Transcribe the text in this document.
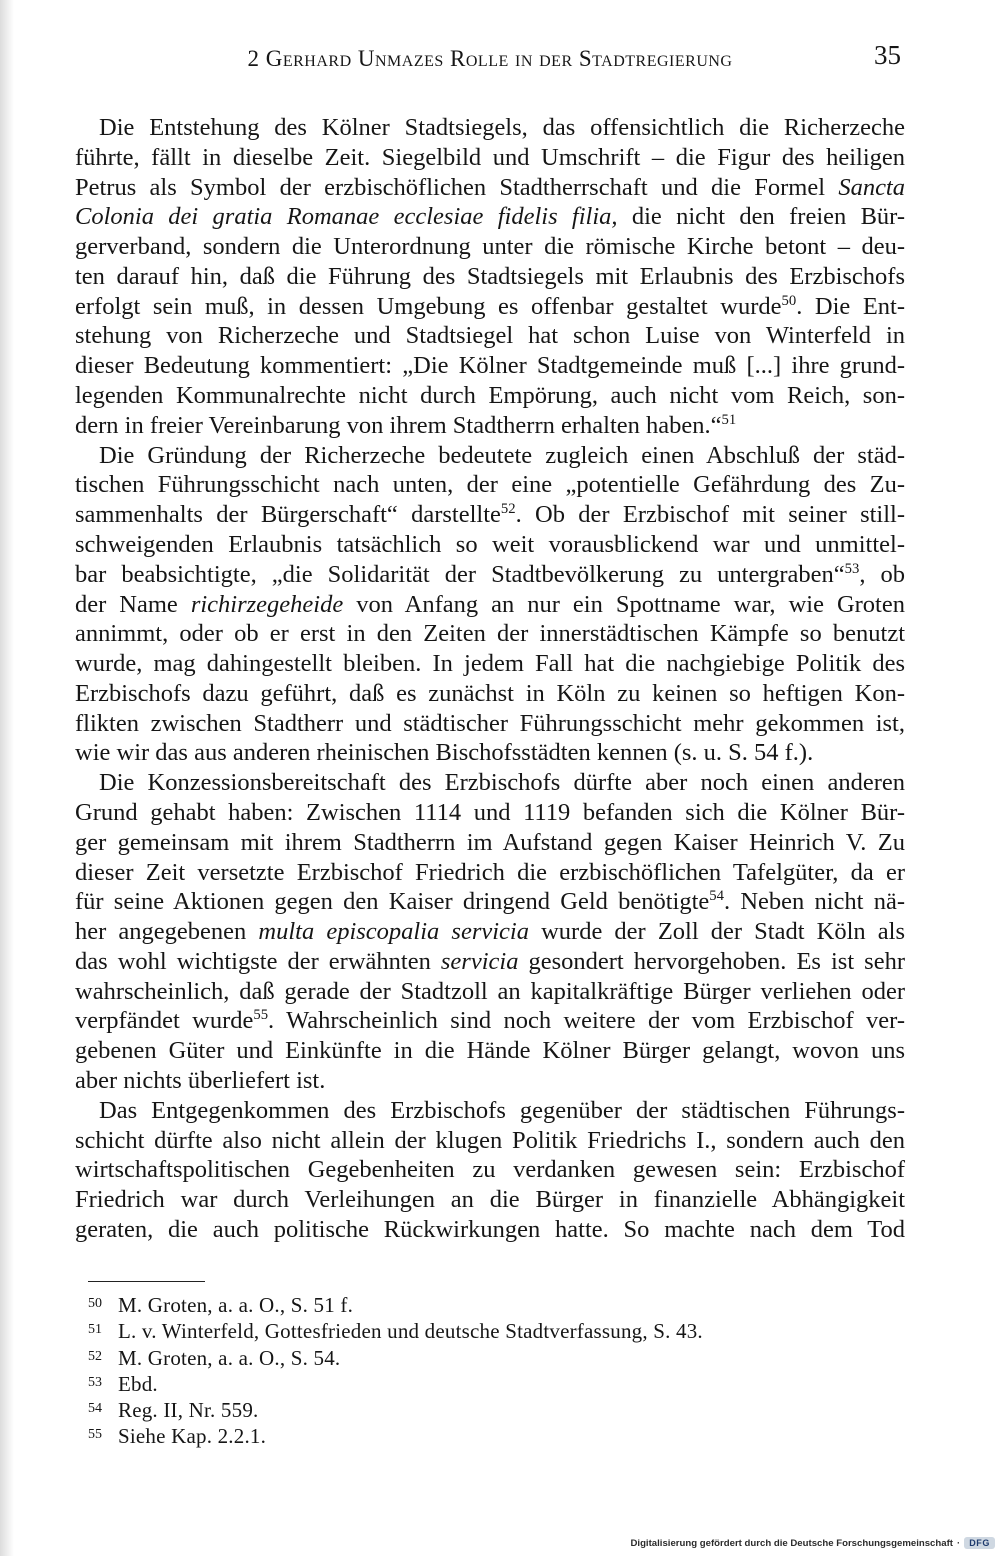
2 Gerhard Unmazes Rolle in der Stadtregierung	35
Die Entstehung des Kölner Stadtsiegels, das offensichtlich die Richerzeche
führte, fällt in dieselbe Zeit. Siegelbild und Umschrift – die Figur des heiligen
Petrus als Symbol der erzbischöflichen Stadtherrschaft und die Formel Sancta
Colonia dei gratia Romanae ecclesiae fidelis filia, die nicht den freien Bür-
gerverband, sondern die Unterordnung unter die römische Kirche betont – deu-
ten darauf hin, daß die Führung des Stadtsiegels mit Erlaubnis des Erzbischofs
erfolgt sein muß, in dessen Umgebung es offenbar gestaltet wurde$^{50}$. Die Ent-
stehung von Richerzeche und Stadtsiegel hat schon Luise von Winterfeld in
dieser Bedeutung kommentiert: „Die Kölner Stadtgemeinde muß [...] ihre grund-
legenden Kommunalrechte nicht durch Empörung, auch nicht vom Reich, son-
dern in freier Vereinbarung von ihrem Stadtherrn erhalten haben.“$^{51}$
Die Gründung der Richerzeche bedeutete zugleich einen Abschluß der städ-
tischen Führungsschicht nach unten, der eine „potentielle Gefährdung des Zu-
sammenhalts der Bürgerschaft“ darstellte$^{52}$. Ob der Erzbischof mit seiner still-
schweigenden Erlaubnis tatsächlich so weit vorausblickend war und unmittel-
bar beabsichtigte, „die Solidarität der Stadtbevölkerung zu untergraben“$^{53}$, ob
der Name richirzegeheide von Anfang an nur ein Spottname war, wie Groten
annimmt, oder ob er erst in den Zeiten der innerstädtischen Kämpfe so benutzt
wurde, mag dahingestellt bleiben. In jedem Fall hat die nachgiebige Politik des
Erzbischofs dazu geführt, daß es zunächst in Köln zu keinen so heftigen Kon-
flikten zwischen Stadtherr und städtischer Führungsschicht mehr gekommen ist,
wie wir das aus anderen rheinischen Bischofsstädten kennen (s. u. S. 54 f.).
Die Konzessionsbereitschaft des Erzbischofs dürfte aber noch einen anderen
Grund gehabt haben: Zwischen 1114 und 1119 befanden sich die Kölner Bür-
ger gemeinsam mit ihrem Stadtherrn im Aufstand gegen Kaiser Heinrich V. Zu
dieser Zeit versetzte Erzbischof Friedrich die erzbischöflichen Tafelgüter, da er
für seine Aktionen gegen den Kaiser dringend Geld benötigte$^{54}$. Neben nicht nä-
her angegebenen multa episcopalia servicia wurde der Zoll der Stadt Köln als
das wohl wichtigste der erwähnten servicia gesondert hervorgehoben. Es ist sehr
wahrscheinlich, daß gerade der Stadtzoll an kapitalkräftige Bürger verliehen oder
verpfändet wurde$^{55}$. Wahrscheinlich sind noch weitere der vom Erzbischof ver-
gebenen Güter und Einkünfte in die Hände Kölner Bürger gelangt, wovon uns
aber nichts überliefert ist.
Das Entgegenkommen des Erzbischofs gegenüber der städtischen Führungs-
schicht dürfte also nicht allein der klugen Politik Friedrichs I., sondern auch den
wirtschaftspolitischen Gegebenheiten zu verdanken gewesen sein: Erzbischof
Friedrich war durch Verleihungen an die Bürger in finanzielle Abhängigkeit
geraten, die auch politische Rückwirkungen hatte. So machte nach dem Tod
50 M. Groten, a. a. O., S. 51 f.
51 L. v. Winterfeld, Gottesfrieden und deutsche Stadtverfassung, S. 43.
52 M. Groten, a. a. O., S. 54.
53 Ebd.
54 Reg. II, Nr. 559.
55 Siehe Kap. 2.2.1.
Digitalisierung gefördert durch die Deutsche Forschungsgemeinschaft ·	DFG
